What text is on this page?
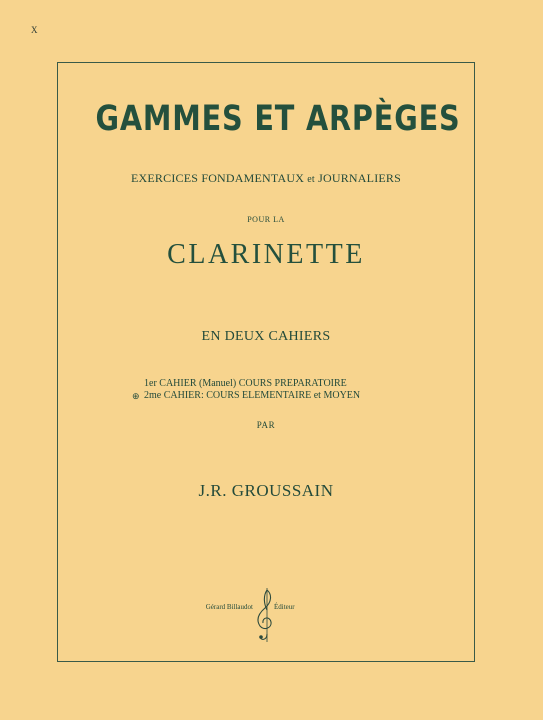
X
GAMMES ET ARPÈGES
EXERCICES FONDAMENTAUX et JOURNALIERS
POUR LA
CLARINETTE
EN DEUX CAHIERS
1er CAHIER (Manuel) COURS PREPARATOIRE
⊕ 2me CAHIER: COURS ELEMENTAIRE et MOYEN
PAR
J.R. GROUSSAIN
Gérard Billaudot	Éditeur
